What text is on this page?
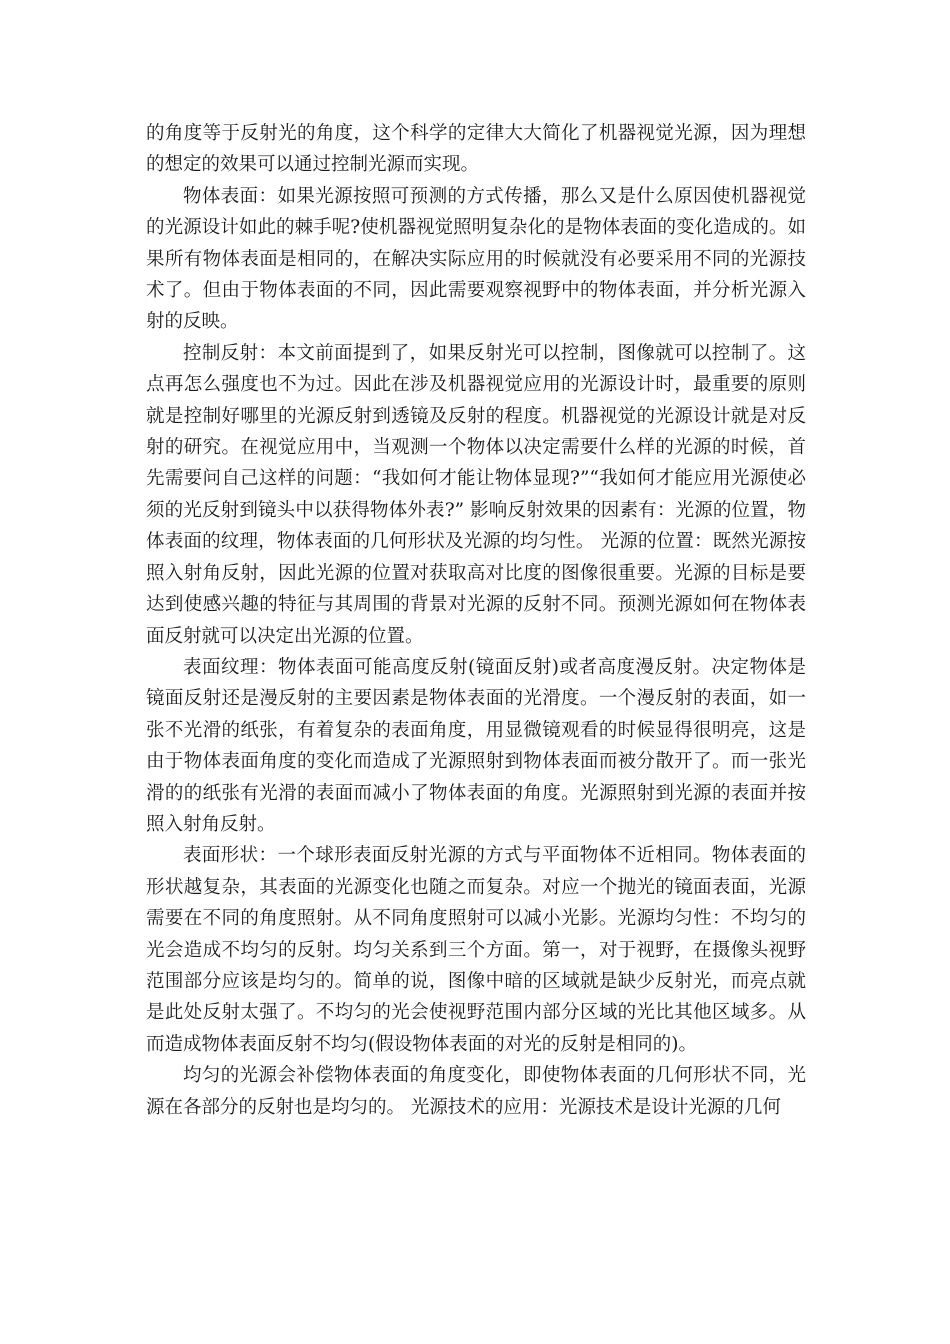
的角度等于反射光的角度，这个科学的定律大大简化了机器视觉光源，因为理想的想定的效果可以通过控制光源而实现。

物体表面：如果光源按照可预测的方式传播，那么又是什么原因使机器视觉的光源设计如此的棘手呢?使机器视觉照明复杂化的是物体表面的变化造成的。如果所有物体表面是相同的，在解决实际应用的时候就没有必要采用不同的光源技术了。但由于物体表面的不同，因此需要观察视野中的物体表面，并分析光源入射的反映。

控制反射：本文前面提到了，如果反射光可以控制，图像就可以控制了。这点再怎么强度也不为过。因此在涉及机器视觉应用的光源设计时，最重要的原则就是控制好哪里的光源反射到透镜及反射的程度。机器视觉的光源设计就是对反射的研究。在视觉应用中，当观测一个物体以决定需要什么样的光源的时候，首先需要问自己这样的问题：“我如何才能让物体显现?”“我如何才能应用光源使必须的光反射到镜头中以获得物体外表?” 影响反射效果的因素有：光源的位置，物体表面的纹理，物体表面的几何形状及光源的均匀性。 光源的位置：既然光源按照入射角反射，因此光源的位置对获取高对比度的图像很重要。光源的目标是要达到使感兴趣的特征与其周围的背景对光源的反射不同。预测光源如何在物体表面反射就可以决定出光源的位置。

表面纹理：物体表面可能高度反射(镜面反射)或者高度漫反射。决定物体是镜面反射还是漫反射的主要因素是物体表面的光滑度。一个漫反射的表面，如一张不光滑的纸张，有着复杂的表面角度，用显微镜观看的时候显得很明亮，这是由于物体表面角度的变化而造成了光源照射到物体表面而被分散开了。而一张光滑的的纸张有光滑的表面而减小了物体表面的角度。光源照射到光源的表面并按照入射角反射。

表面形状：一个球形表面反射光源的方式与平面物体不近相同。物体表面的形状越复杂，其表面的光源变化也随之而复杂。对应一个抛光的镜面表面，光源需要在不同的角度照射。从不同角度照射可以减小光影。光源均匀性：不均匀的光会造成不均匀的反射。均匀关系到三个方面。第一，对于视野，在摄像头视野范围部分应该是均匀的。简单的说，图像中暗的区域就是缺少反射光，而亮点就是此处反射太强了。不均匀的光会使视野范围内部分区域的光比其他区域多。从而造成物体表面反射不均匀(假设物体表面的对光的反射是相同的)。

均匀的光源会补偿物体表面的角度变化，即使物体表面的几何形状不同，光源在各部分的反射也是均匀的。 光源技术的应用：光源技术是设计光源的几何
